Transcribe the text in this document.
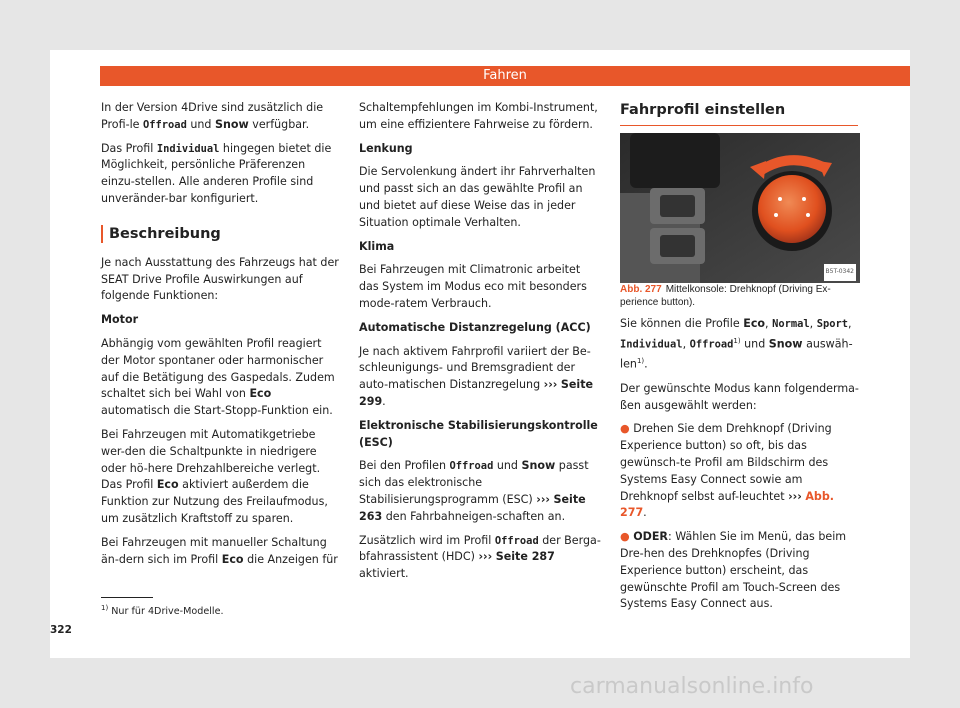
Fahren

In der Version 4Drive sind zusätzlich die Profi-le Offroad und Snow verfügbar.

Das Profil Individual hingegen bietet die Möglichkeit, persönliche Präferenzen einzu-stellen. Alle anderen Profile sind unveränder-bar konfiguriert.

Beschreibung

Je nach Ausstattung des Fahrzeugs hat der SEAT Drive Profile Auswirkungen auf folgende Funktionen:

Motor

Abhängig vom gewählten Profil reagiert der Motor spontaner oder harmonischer auf die Betätigung des Gaspedals. Zudem schaltet sich bei Wahl von Eco automatisch die Start-Stopp-Funktion ein.

Bei Fahrzeugen mit Automatikgetriebe wer-den die Schaltpunkte in niedrigere oder hö-here Drehzahlbereiche verlegt. Das Profil Eco aktiviert außerdem die Funktion zur Nutzung des Freilaufmodus, um zusätzlich Kraftstoff zu sparen.

Bei Fahrzeugen mit manueller Schaltung än-dern sich im Profil Eco die Anzeigen für

Schaltempfehlungen im Kombi-Instrument, um eine effizientere Fahrweise zu fördern.

Lenkung

Die Servolenkung ändert ihr Fahrverhalten und passt sich an das gewählte Profil an und bietet auf diese Weise das in jeder Situation optimale Verhalten.

Klima

Bei Fahrzeugen mit Climatronic arbeitet das System im Modus eco mit besonders mode-ratem Verbrauch.

Automatische Distanzregelung (ACC)

Je nach aktivem Fahrprofil variiert der Be-schleunigungs- und Bremsgradient der auto-matischen Distanzregelung ››› Seite 299.

Elektronische Stabilisierungskontrolle (ESC)

Bei den Profilen Offroad und Snow passt sich das elektronische Stabilisierungsprogramm (ESC) ››› Seite 263 den Fahrbahneigen-schaften an.

Zusätzlich wird im Profil Offroad der Berga-bfahrassistent (HDC) ››› Seite 287 aktiviert.

Fahrprofil einstellen
B5T-0342

Abb. 277 Mittelkonsole: Drehknopf (Driving Ex-perience button).

Sie können die Profile Eco, Normal, Sport, Individual, Offroad$^{1)}$ und Snow auswäh-len$^{1)}$.

Der gewünschte Modus kann folgenderma-ßen ausgewählt werden:

● Drehen Sie dem Drehknopf (Driving Experience button) so oft, bis das gewünsch-te Profil am Bildschirm des Systems Easy Connect sowie am Drehknopf selbst auf-leuchtet ››› Abb. 277.

● ODER: Wählen Sie im Menü, das beim Dre-hen des Drehknopfes (Driving Experience button) erscheint, das gewünschte Profil am Touch-Screen des Systems Easy Connect aus.

$^{1)}$ Nur für 4Drive-Modelle.
322
carmanualsonline.info
